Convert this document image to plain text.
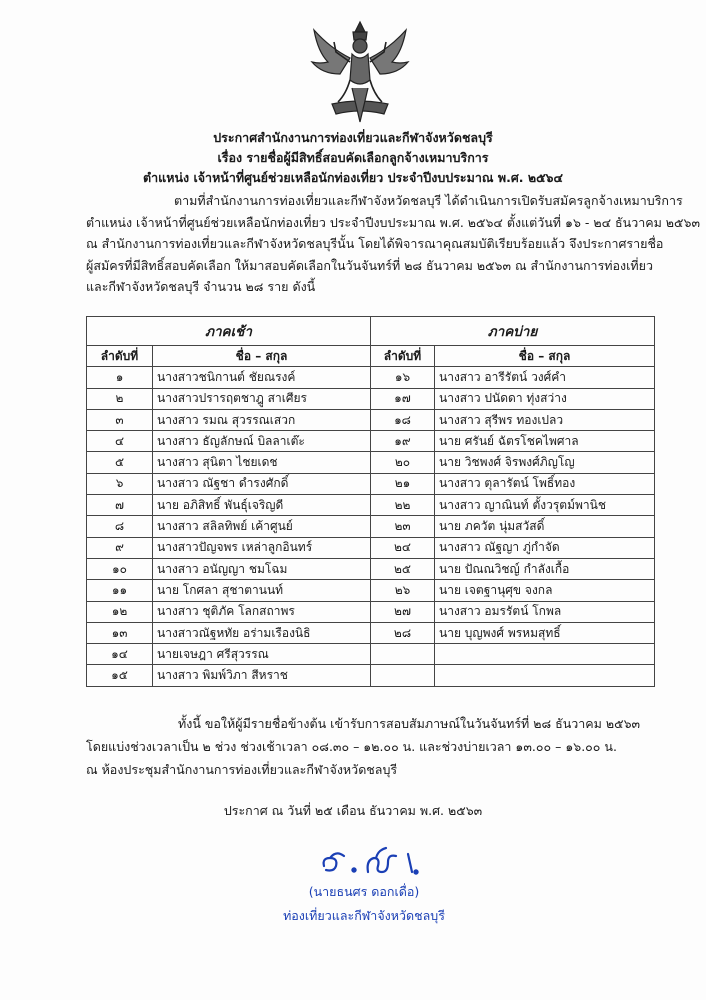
ประกาศสำนักงานการท่องเที่ยวและกีฬาจังหวัดชลบุรี
เรื่อง รายชื่อผู้มีสิทธิ์สอบคัดเลือกลูกจ้างเหมาบริการ
ตำแหน่ง เจ้าหน้าที่ศูนย์ช่วยเหลือนักท่องเที่ยว ประจำปีงบประมาณ พ.ศ. ๒๕๖๔
ตามที่สำนักงานการท่องเที่ยวและกีฬาจังหวัดชลบุรี ได้ดำเนินการเปิดรับสมัครลูกจ้างเหมาบริการ
ตำแหน่ง เจ้าหน้าที่ศูนย์ช่วยเหลือนักท่องเที่ยว ประจำปีงบประมาณ พ.ศ. ๒๕๖๔ ตั้งแต่วันที่ ๑๖ - ๒๔ ธันวาคม ๒๕๖๓
ณ สำนักงานการท่องเที่ยวและกีฬาจังหวัดชลบุรีนั้น โดยได้พิจารณาคุณสมบัติเรียบร้อยแล้ว จึงประกาศรายชื่อ
ผู้สมัครที่มีสิทธิ์สอบคัดเลือก ให้มาสอบคัดเลือกในวันจันทร์ที่ ๒๘ ธันวาคม ๒๕๖๓ ณ สำนักงานการท่องเที่ยว
และกีฬาจังหวัดชลบุรี จำนวน ๒๘ ราย ดังนี้
ภาคเช้า		ภาคบ่าย	
ลำดับที่	ชื่อ – สกุล	ลำดับที่	ชื่อ – สกุล
๑	นางสาวชนิกานต์ ชัยณรงค์	๑๖	นางสาว อารีรัตน์ วงศ์คำ
๒	นางสาวปรารฤตชาฎู สาเศียร	๑๗	นางสาว ปนัดดา ทุ่งสว่าง
๓	นางสาว รมณ สุวรรณเสวก	๑๘	นางสาว สุรีพร ทองเปลว
๔	นางสาว ธัญลักษณ์ บิลลาเต๊ะ	๑๙	นาย ศรันย์ ฉัตรโชคไพศาล
๕	นางสาว สุนิตา ไชยเดช	๒๐	นาย วิชพงศ์ จิรพงศ์ภิญโญ
๖	นางสาว ณัฐชา ดำรงศักดิ์	๒๑	นางสาว ตุลารัตน์ โพธิ์ทอง
๗	นาย อภิสิทธิ์ พันธุ์เจริญดี	๒๒	นางสาว ญาณินท์ ตั้งวรุตม์พานิช
๘	นางสาว สลิลทิพย์ เค้าศูนย์	๒๓	นาย ภควัต นุ่มสวัสดิ์
๙	นางสาวปัญจพร เหล่าลูกอินทร์	๒๔	นางสาว ณัฐญา ภู่กำจัด
๑๐	นางสาว อนัญญา ชมโฉม	๒๕	นาย ปัณณวิชญ์ กำลังเกื้อ
๑๑	นาย โกศลา สุชาตานนท์	๒๖	นาย เจตฐานุศุข จงกล
๑๒	นางสาว ชุติภัค โลกสถาพร	๒๗	นางสาว อมรรัตน์ โกพล
๑๓	นางสาวณัฐหทัย อร่ามเรืองนิธิ	๒๘	นาย บุญพงศ์ พรหมสุทธิ์
๑๔	นายเจษฎา ศรีสุวรรณ		
๑๕	นางสาว พิมพ์วิภา สีหราช		
ทั้งนี้ ขอให้ผู้มีรายชื่อข้างต้น เข้ารับการสอบสัมภาษณ์ในวันจันทร์ที่ ๒๘ ธันวาคม ๒๕๖๓
โดยแบ่งช่วงเวลาเป็น ๒ ช่วง ช่วงเช้าเวลา ๐๘.๓๐ – ๑๒.๐๐ น. และช่วงบ่ายเวลา ๑๓.๐๐ – ๑๖.๐๐ น.
ณ ห้องประชุมสำนักงานการท่องเที่ยวและกีฬาจังหวัดชลบุรี
ประกาศ ณ วันที่ ๒๕ เดือน ธันวาคม พ.ศ. ๒๕๖๓
(นายธนศร ดอกเดื่อ)
ท่องเที่ยวและกีฬาจังหวัดชลบุรี
